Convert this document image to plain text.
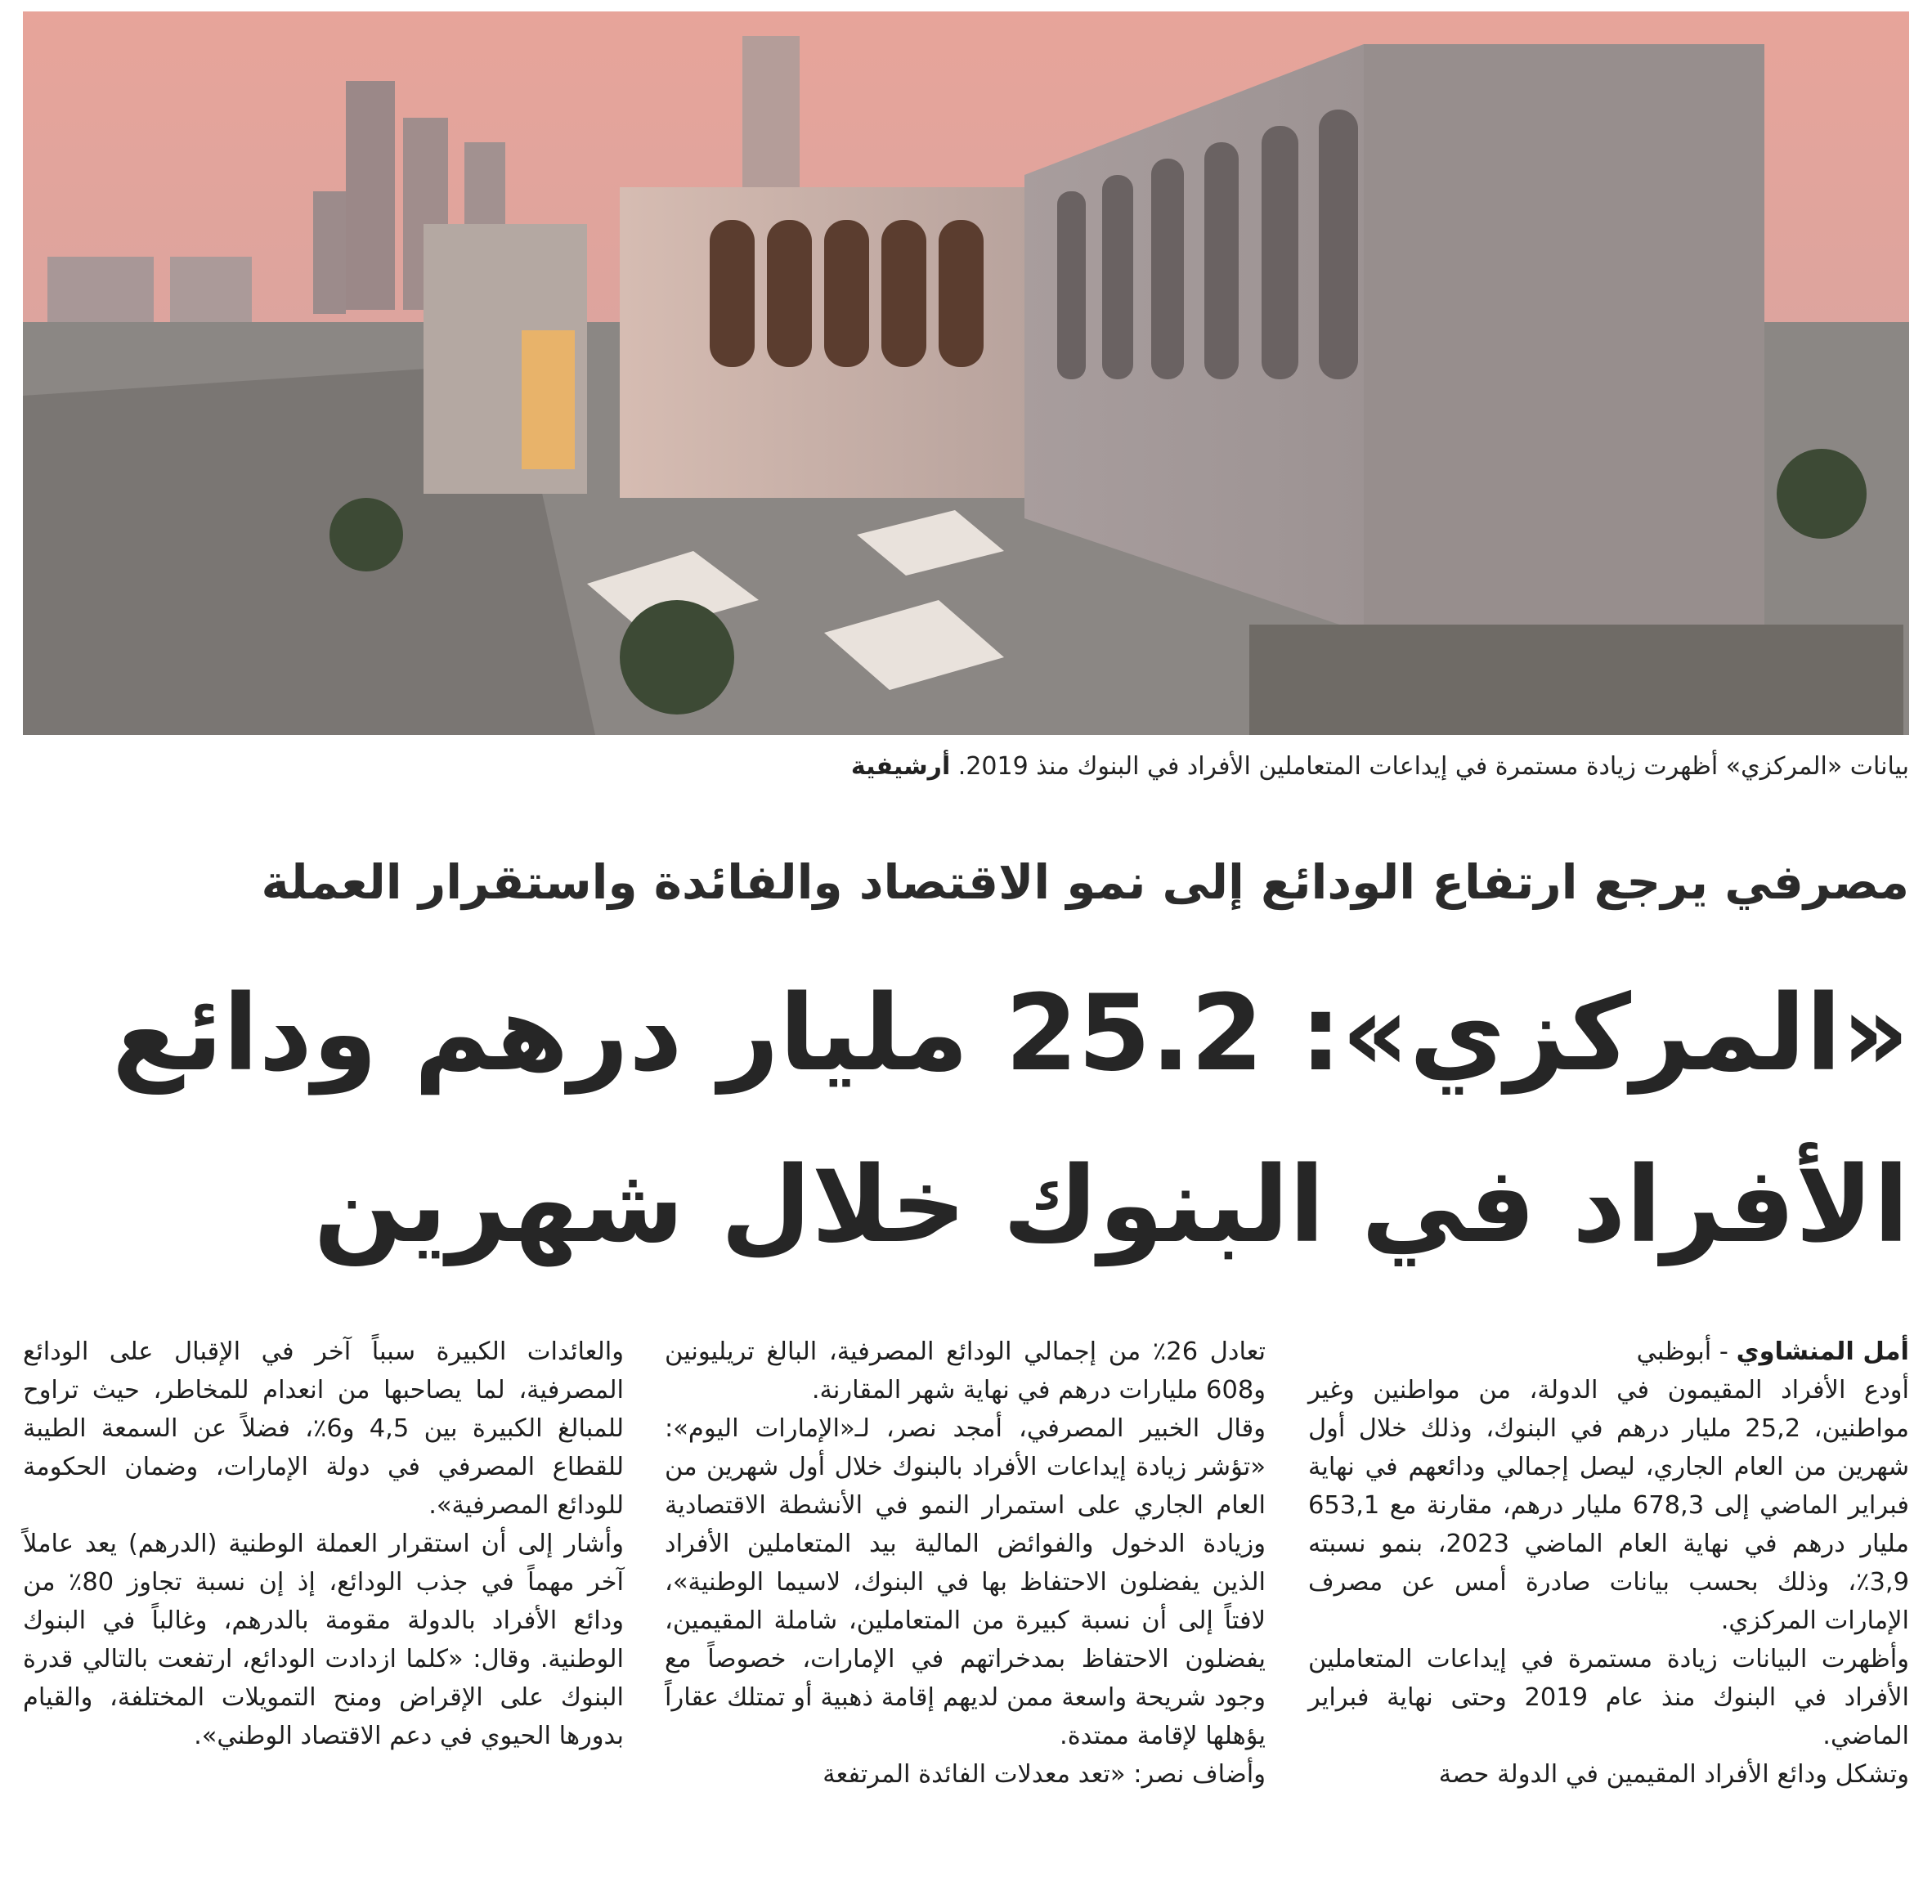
بيانات «المركزي» أظهرت زيادة مستمرة في إيداعات المتعاملين الأفراد في البنوك منذ 2019. أرشيفية
مصرفي يرجع ارتفاع الودائع إلى نمو الاقتصاد والفائدة واستقرار العملة
«المركزي»: 25.2 مليار درهم ودائع
الأفراد في البنوك خلال شهرين

أمل المنشاوي - أبوظبي

أودع الأفراد المقيمون في الدولة، من مواطنين وغير مواطنين، 25,2 مليار درهم في البنوك، وذلك خلال أول شهرين من العام الجاري، ليصل إجمالي ودائعهم في نهاية فبراير الماضي إلى 678,3 مليار درهم، مقارنة مع 653,1 مليار درهم في نهاية العام الماضي 2023، بنمو نسبته 3,9٪، وذلك بحسب بيانات صادرة أمس عن مصرف الإمارات المركزي.

وأظهرت البيانات زيادة مستمرة في إيداعات المتعاملين الأفراد في البنوك منذ عام 2019 وحتى نهاية فبراير الماضي.

وتشكل ودائع الأفراد المقيمين في الدولة حصة

تعادل 26٪ من إجمالي الودائع المصرفية، البالغ تريليونين و608 مليارات درهم في نهاية شهر المقارنة.

وقال الخبير المصرفي، أمجد نصر، لـ«الإمارات اليوم»: «تؤشر زيادة إيداعات الأفراد بالبنوك خلال أول شهرين من العام الجاري على استمرار النمو في الأنشطة الاقتصادية وزيادة الدخول والفوائض المالية بيد المتعاملين الأفراد الذين يفضلون الاحتفاظ بها في البنوك، لاسيما الوطنية»، لافتاً إلى أن نسبة كبيرة من المتعاملين، شاملة المقيمين، يفضلون الاحتفاظ بمدخراتهم في الإمارات، خصوصاً مع وجود شريحة واسعة ممن لديهم إقامة ذهبية أو تمتلك عقاراً يؤهلها لإقامة ممتدة.

وأضاف نصر: «تعد معدلات الفائدة المرتفعة

والعائدات الكبيرة سبباً آخر في الإقبال على الودائع المصرفية، لما يصاحبها من انعدام للمخاطر، حيث تراوح للمبالغ الكبيرة بين 4,5 و6٪، فضلاً عن السمعة الطيبة للقطاع المصرفي في دولة الإمارات، وضمان الحكومة للودائع المصرفية».

وأشار إلى أن استقرار العملة الوطنية (الدرهم) يعد عاملاً آخر مهماً في جذب الودائع، إذ إن نسبة تجاوز 80٪ من ودائع الأفراد بالدولة مقومة بالدرهم، وغالباً في البنوك الوطنية. وقال: «كلما ازدادت الودائع، ارتفعت بالتالي قدرة البنوك على الإقراض ومنح التمويلات المختلفة، والقيام بدورها الحيوي في دعم الاقتصاد الوطني».
